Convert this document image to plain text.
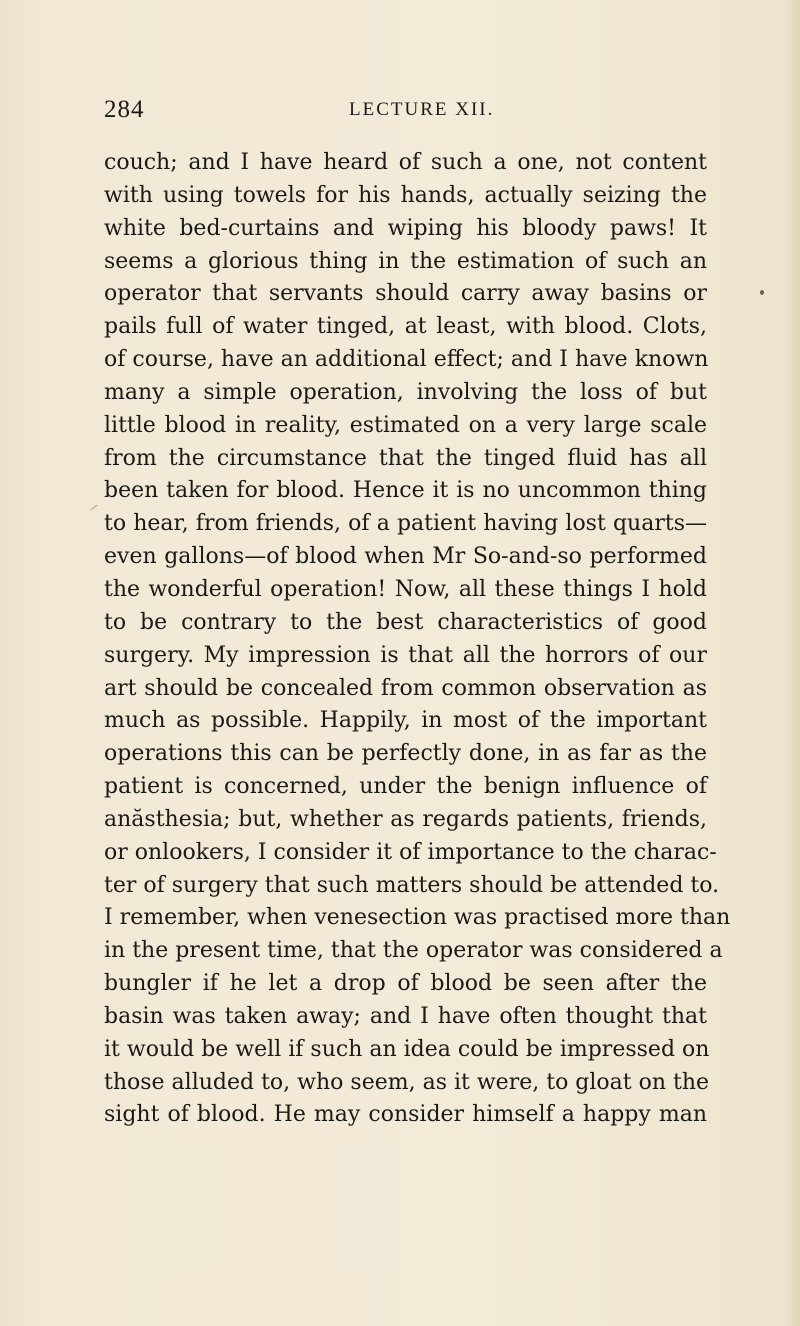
284	LECTURE XII.
couch; and I have heard of such a one, not content
with using towels for his hands, actually seizing the
white bed-curtains and wiping his bloody paws! It
seems a glorious thing in the estimation of such an
operator that servants should carry away basins or
pails full of water tinged, at least, with blood. Clots,
of course, have an additional effect; and I have known
many a simple operation, involving the loss of but
little blood in reality, estimated on a very large scale
from the circumstance that the tinged fluid has all
been taken for blood. Hence it is no uncommon thing
to hear, from friends, of a patient having lost quarts—
even gallons—of blood when Mr So-and-so performed
the wonderful operation! Now, all these things I hold
to be contrary to the best characteristics of good
surgery. My impression is that all the horrors of our
art should be concealed from common observation as
much as possible. Happily, in most of the important
operations this can be perfectly done, in as far as the
patient is concerned, under the benign influence of
anăsthesia; but, whether as regards patients, friends,
or onlookers, I consider it of importance to the charac-
ter of surgery that such matters should be attended to.
I remember, when venesection was practised more than
in the present time, that the operator was considered a
bungler if he let a drop of blood be seen after the
basin was taken away; and I have often thought that
it would be well if such an idea could be impressed on
those alluded to, who seem, as it were, to gloat on the
sight of blood. He may consider himself a happy man
